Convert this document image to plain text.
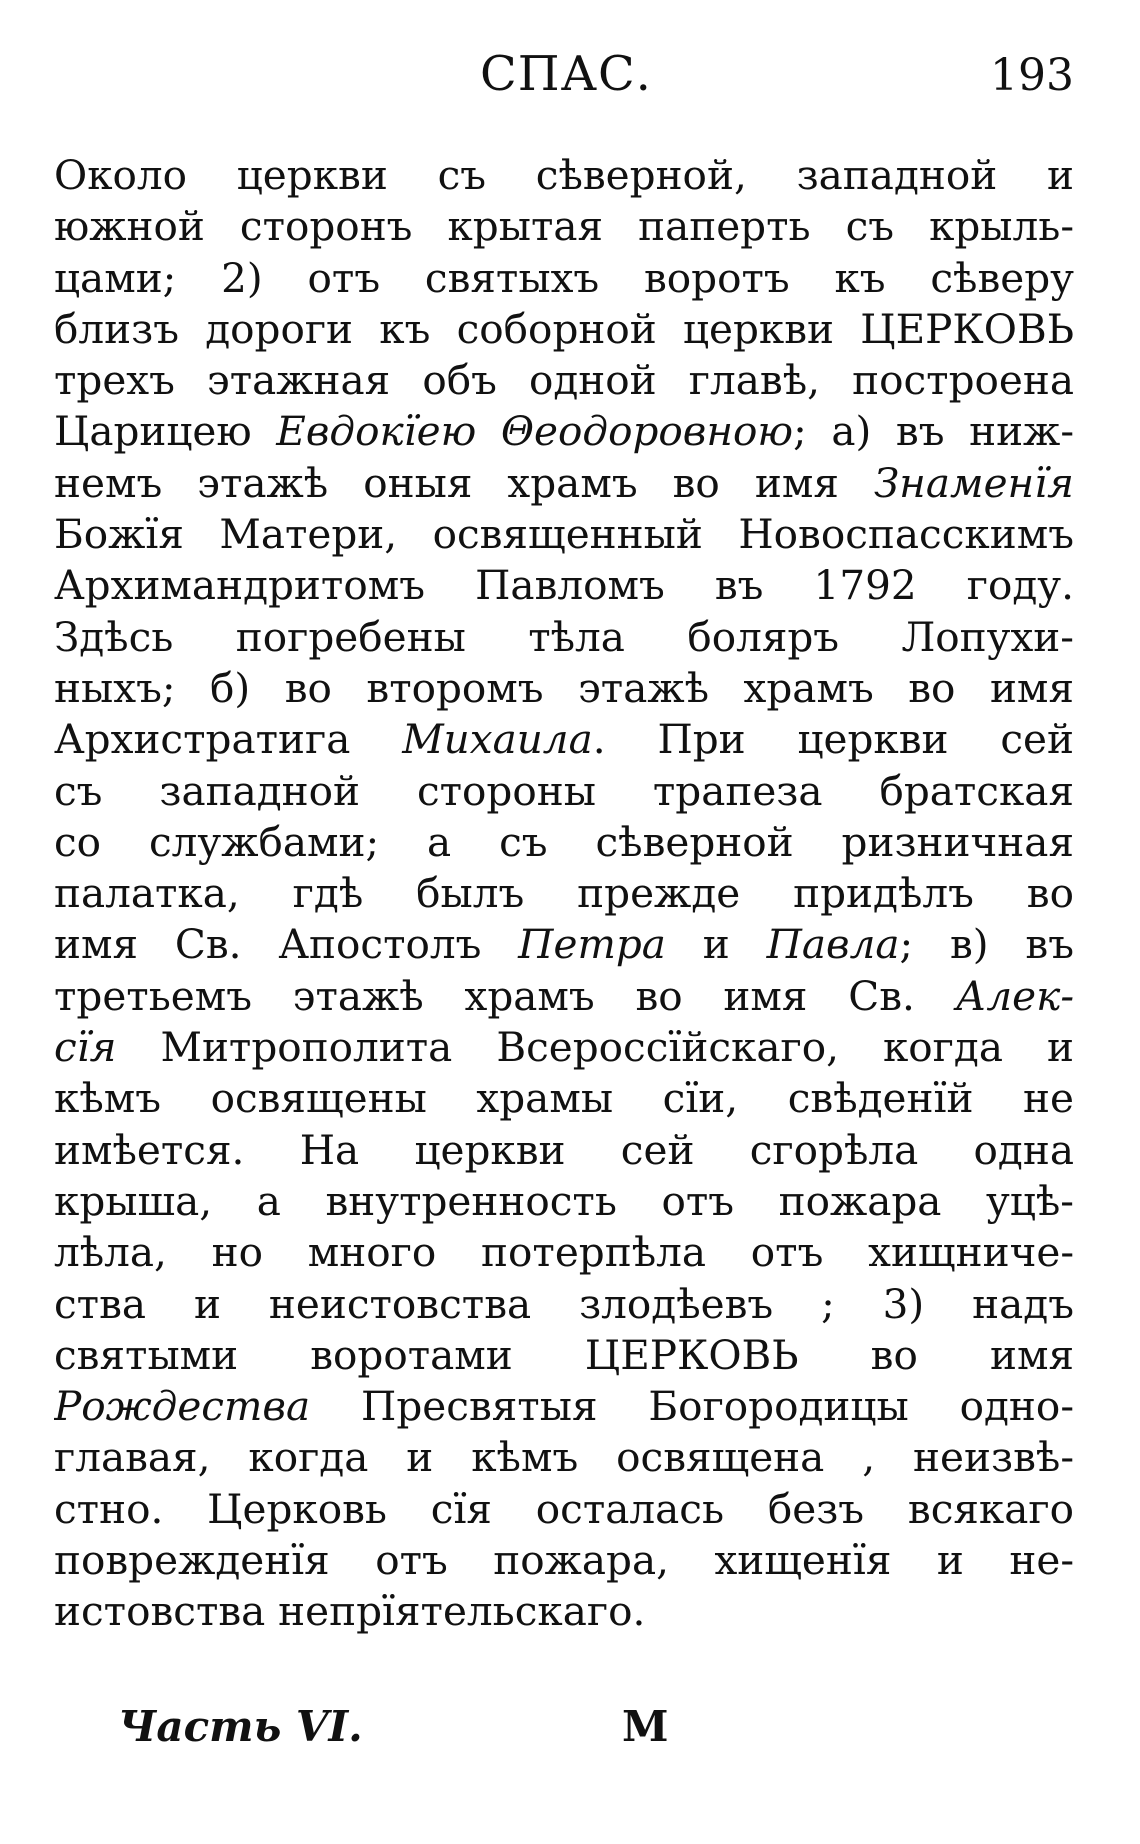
СПАС.	193
Около церкви съ сѣверной, западной и
южной сторонъ крытая паперть съ крыль-
цами; 2) отъ святыхъ воротъ къ сѣверу
близъ дороги къ соборной церкви ЦЕРКОВЬ
трехъ этажная объ одной главѣ, построена
Царицею Евдокїею Θеодоровною; а) въ ниж-
немъ этажѣ оныя храмъ во имя Знаменїя
Божїя Матери, освященный Новоспасскимъ
Архимандритомъ Павломъ въ 1792 году.
Здѣсь погребены тѣла боляръ Лопухи-
ныхъ; б) во второмъ этажѣ храмъ во имя
Архистратига Михаила. При церкви сей
съ западной стороны трапеза братская
со службами; а съ сѣверной ризничная
палатка, гдѣ былъ прежде придѣлъ во
имя Св. Апостолъ Петра и Павла; в) въ
третьемъ этажѣ храмъ во имя Св. Алек-
сїя Митрополита Всероссїйскаго, когда и
кѣмъ освящены храмы сїи, свѣденїй не
имѣется. На церкви сей сгорѣла одна
крыша, а внутренность отъ пожара уцѣ-
лѣла, но много потерпѣла отъ хищниче-
ства и неистовства злодѣевъ ; 3) надъ
святыми воротами ЦЕРКОВЬ во имя
Рождества Пресвятыя Богородицы одно-
главая, когда и кѣмъ освящена , неизвѣ-
стно. Церковь сїя осталась безъ всякаго
поврежденїя отъ пожара, хищенїя и не-
истовства непрїятельскаго.
Часть VI.	М
